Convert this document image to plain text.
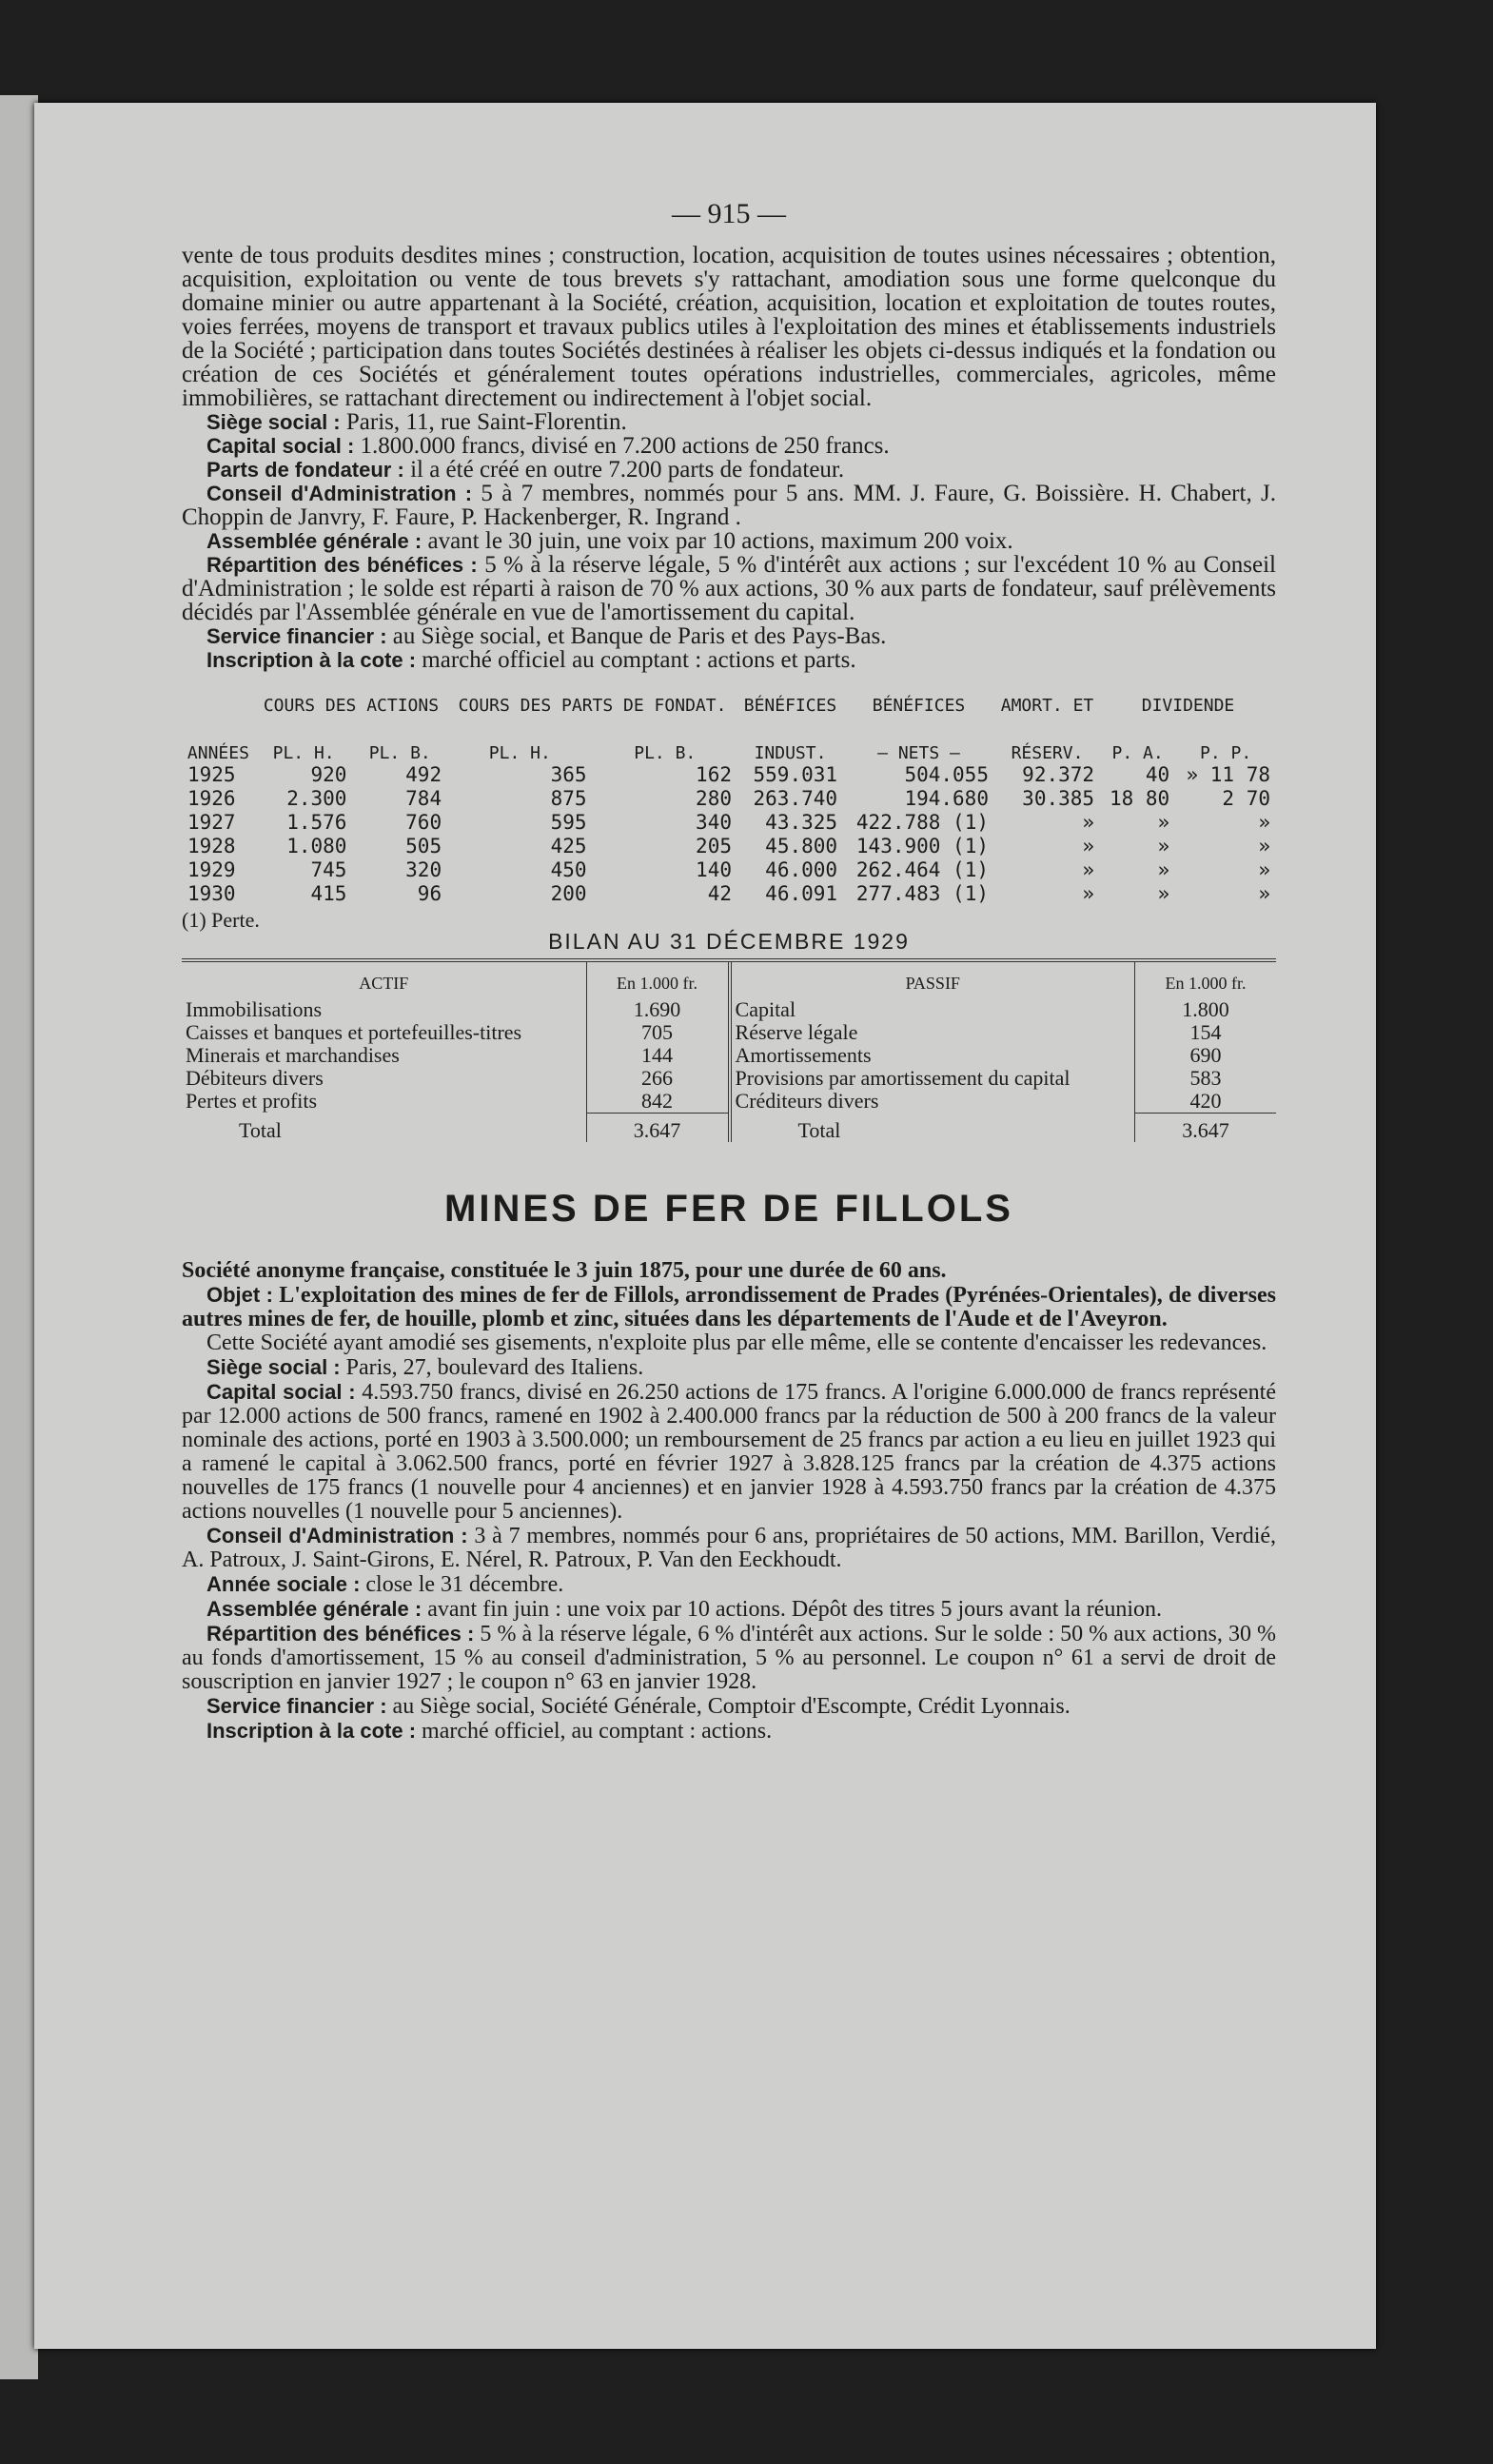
— 915 —

vente de tous produits desdites mines ; construction, location, acquisition de toutes usines nécessaires ; obtention, acquisition, exploitation ou vente de tous brevets s'y rattachant, amodiation sous une forme quelconque du domaine minier ou autre appartenant à la Société, création, acquisition, location et exploitation de toutes routes, voies ferrées, moyens de transport et travaux publics utiles à l'exploitation des mines et établissements industriels de la Société ; participation dans toutes Sociétés destinées à réaliser les objets ci-dessus indiqués et la fondation ou création de ces Sociétés et généralement toutes opérations industrielles, commerciales, agricoles, même immobilières, se rattachant directement ou indirectement à l'objet social.

Siège social : Paris, 11, rue Saint-Florentin.

Capital social : 1.800.000 francs, divisé en 7.200 actions de 250 francs.

Parts de fondateur : il a été créé en outre 7.200 parts de fondateur.

Conseil d'Administration : 5 à 7 membres, nommés pour 5 ans. MM. J. Faure, G. Boissière. H. Chabert, J. Choppin de Janvry, F. Faure, P. Hackenberger, R. Ingrand .

Assemblée générale : avant le 30 juin, une voix par 10 actions, maximum 200 voix.

Répartition des bénéfices : 5 % à la réserve légale, 5 % d'intérêt aux actions ; sur l'excédent 10 % au Conseil d'Administration ; le solde est réparti à raison de 70 % aux actions, 30 % aux parts de fondateur, sauf prélèvements décidés par l'Assemblée générale en vue de l'amortissement du capital.

Service financier : au Siège social, et Banque de Paris et des Pays-Bas.

Inscription à la cote : marché officiel au comptant : actions et parts.

	COURS DES ACTIONS		COURS DES PARTS DE FONDAT.		BÉNÉFICES	BÉNÉFICES	AMORT. ET	DIVIDENDE	
ANNÉES	PL. H.	PL. B.	PL. H.	PL. B.	INDUST.	— NETS —	RÉSERV.	P. A.	P. P.
1925	920	492	365	162	559.031	504.055	92.372	40	» 11 78
1926	2.300	784	875	280	263.740	194.680	30.385	18 80	2 70
1927	1.576	760	595	340	43.325	422.788 (1)	»	»	»
1928	1.080	505	425	205	45.800	143.900 (1)	»	»	»
1929	745	320	450	140	46.000	262.464 (1)	»	»	»
1930	415	96	200	42	46.091	277.483 (1)	»	»	»
(1) Perte.
BILAN AU 31 DÉCEMBRE 1929
ACTIF	En 1.000 fr.	PASSIF	En 1.000 fr.
Immobilisations	1.690	Capital	1.800
Caisses et banques et portefeuilles-titres	705	Réserve légale	154
Minerais et marchandises	144	Amortissements	690
Débiteurs divers	266	Provisions par amortissement du capital	583
Pertes et profits	842	Créditeurs divers	420
Total	3.647	Total	3.647
MINES DE FER DE FILLOLS

Société anonyme française, constituée le 3 juin 1875, pour une durée de 60 ans.

Objet : L'exploitation des mines de fer de Fillols, arrondissement de Prades (Pyrénées-Orientales), de diverses autres mines de fer, de houille, plomb et zinc, situées dans les départements de l'Aude et de l'Aveyron.

Cette Société ayant amodié ses gisements, n'exploite plus par elle même, elle se contente d'encaisser les redevances.

Siège social : Paris, 27, boulevard des Italiens.

Capital social : 4.593.750 francs, divisé en 26.250 actions de 175 francs. A l'origine 6.000.000 de francs représenté par 12.000 actions de 500 francs, ramené en 1902 à 2.400.000 francs par la réduction de 500 à 200 francs de la valeur nominale des actions, porté en 1903 à 3.500.000; un remboursement de 25 francs par action a eu lieu en juillet 1923 qui a ramené le capital à 3.062.500 francs, porté en février 1927 à 3.828.125 francs par la création de 4.375 actions nouvelles de 175 francs (1 nouvelle pour 4 anciennes) et en janvier 1928 à 4.593.750 francs par la création de 4.375 actions nouvelles (1 nouvelle pour 5 anciennes).

Conseil d'Administration : 3 à 7 membres, nommés pour 6 ans, propriétaires de 50 actions, MM. Barillon, Verdié, A. Patroux, J. Saint-Girons, E. Nérel, R. Patroux, P. Van den Eeckhoudt.

Année sociale : close le 31 décembre.

Assemblée générale : avant fin juin : une voix par 10 actions. Dépôt des titres 5 jours avant la réunion.

Répartition des bénéfices : 5 % à la réserve légale, 6 % d'intérêt aux actions. Sur le solde : 50 % aux actions, 30 % au fonds d'amortissement, 15 % au conseil d'administration, 5 % au personnel. Le coupon n° 61 a servi de droit de souscription en janvier 1927 ; le coupon n° 63 en janvier 1928.

Service financier : au Siège social, Société Générale, Comptoir d'Escompte, Crédit Lyonnais.

Inscription à la cote : marché officiel, au comptant : actions.
